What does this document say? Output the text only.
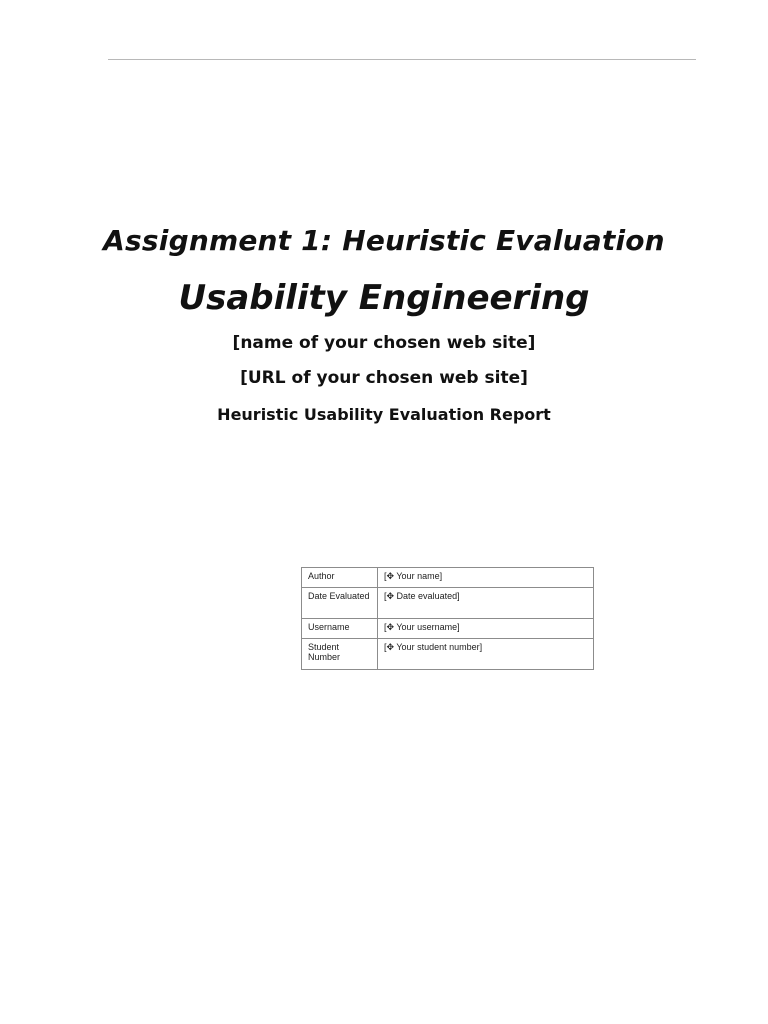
Assignment 1: Heuristic Evaluation
Usability Engineering
[name of your chosen web site]
[URL of your chosen web site]
Heuristic Usability Evaluation Report
Author	[✥ Your name]
Date Evaluated	[✥ Date evaluated]
Username	[✥ Your username]
Student Number	[✥ Your student number]
